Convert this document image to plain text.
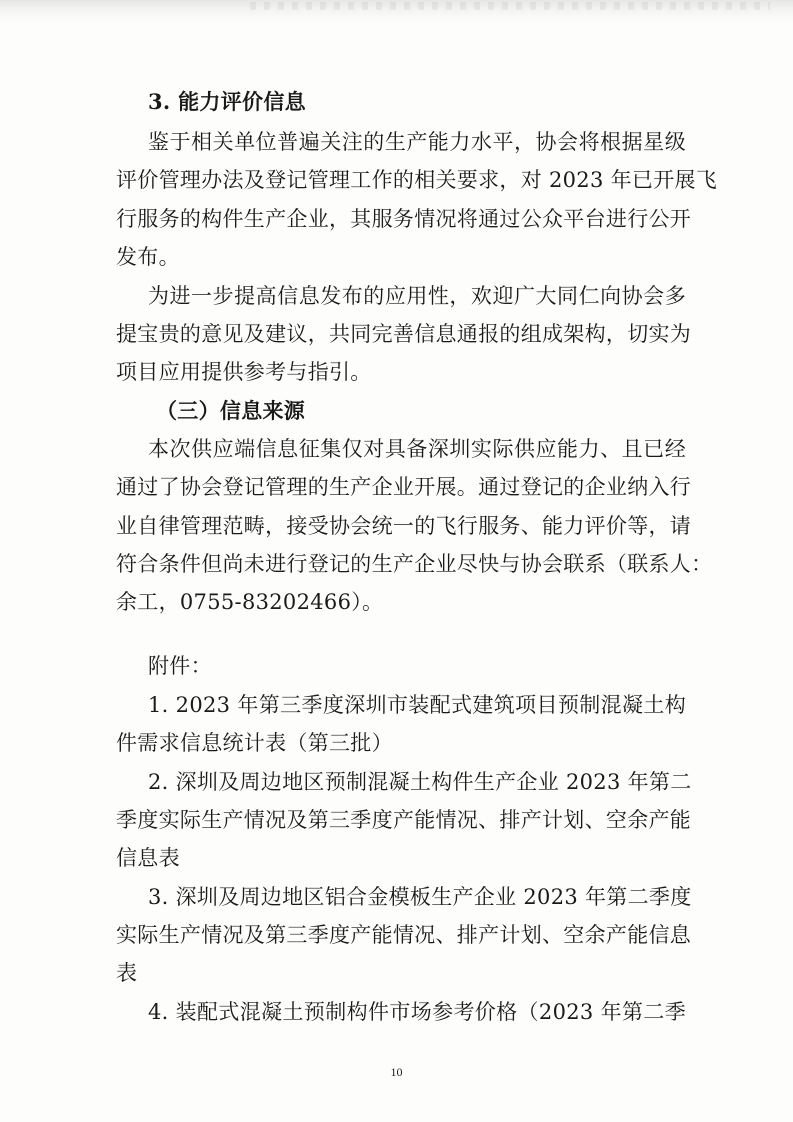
3. 能力评价信息
鉴于相关单位普遍关注的生产能力水平，协会将根据星级
评价管理办法及登记管理工作的相关要求，对 2023 年已开展飞
行服务的构件生产企业，其服务情况将通过公众平台进行公开
发布。
为进一步提高信息发布的应用性，欢迎广大同仁向协会多
提宝贵的意见及建议，共同完善信息通报的组成架构，切实为
项目应用提供参考与指引。
（三）信息来源
本次供应端信息征集仅对具备深圳实际供应能力、且已经
通过了协会登记管理的生产企业开展。通过登记的企业纳入行
业自律管理范畴，接受协会统一的飞行服务、能力评价等，请
符合条件但尚未进行登记的生产企业尽快与协会联系（联系人：
余工，0755-83202466）。
附件：
1. 2023 年第三季度深圳市装配式建筑项目预制混凝土构
件需求信息统计表（第三批）
2. 深圳及周边地区预制混凝土构件生产企业 2023 年第二
季度实际生产情况及第三季度产能情况、排产计划、空余产能
信息表
3. 深圳及周边地区铝合金模板生产企业 2023 年第二季度
实际生产情况及第三季度产能情况、排产计划、空余产能信息
表
4. 装配式混凝土预制构件市场参考价格（2023 年第二季
10
